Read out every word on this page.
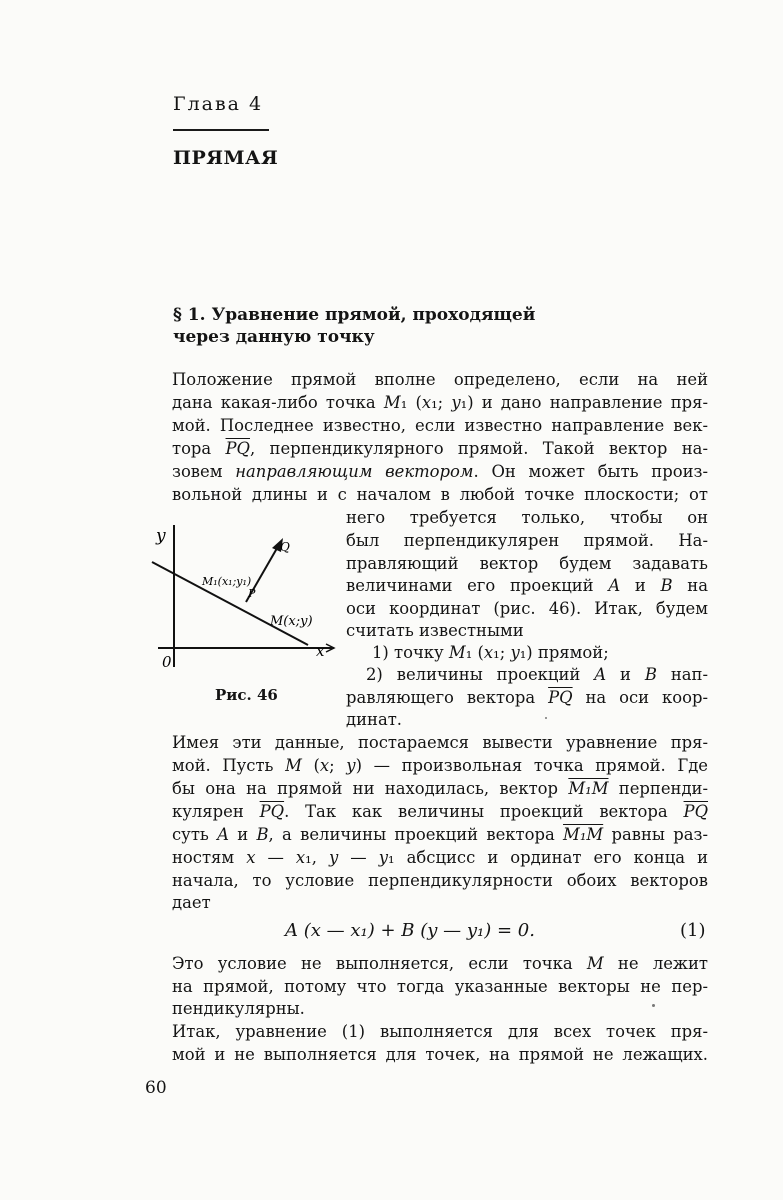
Глава 4
ПРЯМАЯ
§ 1. Уравнение прямой, проходящей
через данную точку
Положение прямой вполне определено, если на ней
дана какая-либо точка M₁ (x₁; y₁) и дано направление пря-
мой. Последнее известно, если известно направление век-
тора $\overline{PQ}$, перпендикулярного прямой. Такой вектор на-
зовем направляющим вектором. Он может быть произ-
вольной длины и с началом в любой точке плоскости; от
него требуется только, чтобы он
был перпендикулярен прямой. На-
правляющий вектор будем задавать
величинами его проекций A и B на
оси координат (рис. 46). Итак, будем
считать известными
1) точку M₁ (x₁; y₁) прямой;
2) величины проекций A и B нап-
равляющего вектора $\overline{PQ}$ на оси коор-
динат.
y
x
0
M₁(x₁;y₁)
M(x;y)
P
Q
Рис. 46
Имея эти данные, постараемся вывести уравнение пря-
мой. Пусть M (x; y) — произвольная точка прямой. Где
бы она на прямой ни находилась, вектор M₁M перпенди-
кулярен $\overline{PQ}$. Так как величины проекций вектора $\overline{PQ}$
суть A и B, а величины проекций вектора M₁M равны раз-
ностям x — x₁, y — y₁ абсцисс и ординат его конца и
начала, то условие перпендикулярности обоих векторов
дает
A (x — x₁) + B (y — y₁) = 0.	(1)
Это условие не выполняется, если точка M не лежит
на прямой, потому что тогда указанные векторы не пер-
пендикулярны.
Итак, уравнение (1) выполняется для всех точек пря-
мой и не выполняется для точек, на прямой не лежащих.
60
